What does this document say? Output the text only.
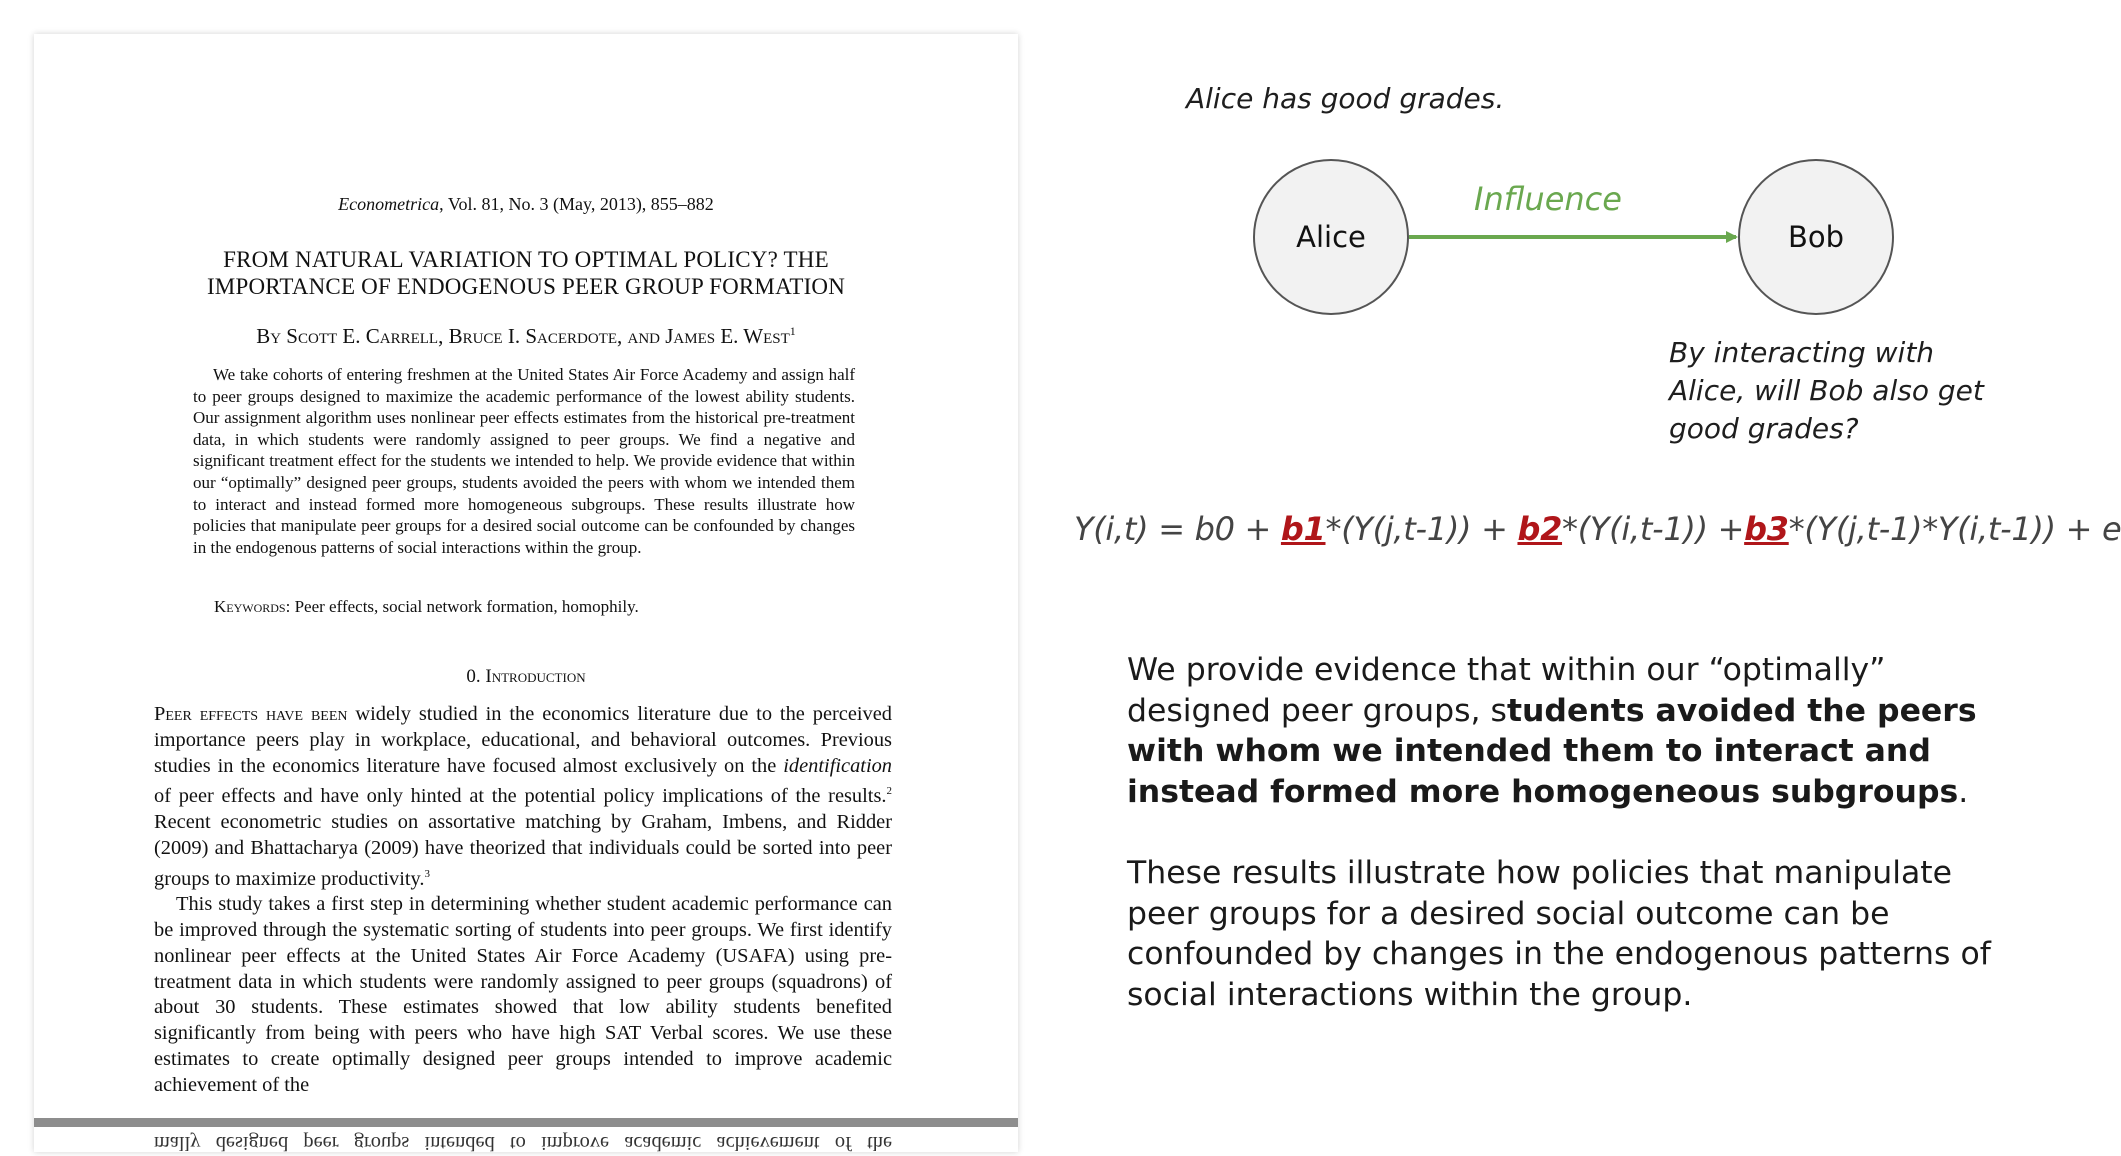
Econometrica, Vol. 81, No. 3 (May, 2013), 855–882
FROM NATURAL VARIATION TO OPTIMAL POLICY? THE
IMPORTANCE OF ENDOGENOUS PEER GROUP FORMATION
By Scott E. Carrell, Bruce I. Sacerdote, and James E. West$^1$
We take cohorts of entering freshmen at the United States Air Force Academy and assign half to peer groups designed to maximize the academic performance of the lowest ability students. Our assignment algorithm uses nonlinear peer effects estimates from the historical pre-treatment data, in which students were randomly assigned to peer groups. We find a negative and significant treatment effect for the students we intended to help. We provide evidence that within our “optimally” designed peer groups, students avoided the peers with whom we intended them to interact and instead formed more homogeneous subgroups. These results illustrate how policies that manipulate peer groups for a desired social outcome can be confounded by changes in the endogenous patterns of social interactions within the group.
Keywords: Peer effects, social network formation, homophily.
0. Introduction

Peer effects have been widely studied in the economics literature due to the perceived importance peers play in workplace, educational, and behavioral outcomes. Previous studies in the economics literature have focused almost exclusively on the identification of peer effects and have only hinted at the potential policy implications of the results.$^2$ Recent econometric studies on assortative matching by Graham, Imbens, and Ridder (2009) and Bhattacharya (2009) have theorized that individuals could be sorted into peer groups to maximize productivity.$^3$

This study takes a first step in determining whether student academic performance can be improved through the systematic sorting of students into peer groups. We first identify nonlinear peer effects at the United States Air Force Academy (USAFA) using pre-treatment data in which students were randomly assigned to peer groups (squadrons) of about 30 students. These estimates showed that low ability students benefited significantly from being with peers who have high SAT Verbal scores. We use these estimates to create optimally designed peer groups intended to improve academic achievement of the

mally designed peer groups intended to improve academic achievement of the
Alice has good grades.
Alice	Bob
Influence
By interacting with Alice, will Bob also get good grades?
Y(i,t) = b0 + b1*(Y(j,t-1)) + b2*(Y(i,t-1)) +b3*(Y(j,t-1)*Y(i,t-1)) + e

We provide evidence that within our “optimally” designed peer groups, students avoided the peers with whom we intended them to interact and instead formed more homogeneous subgroups.

These results illustrate how policies that manipulate peer groups for a desired social outcome can be confounded by changes in the endogenous patterns of social interactions within the group.
